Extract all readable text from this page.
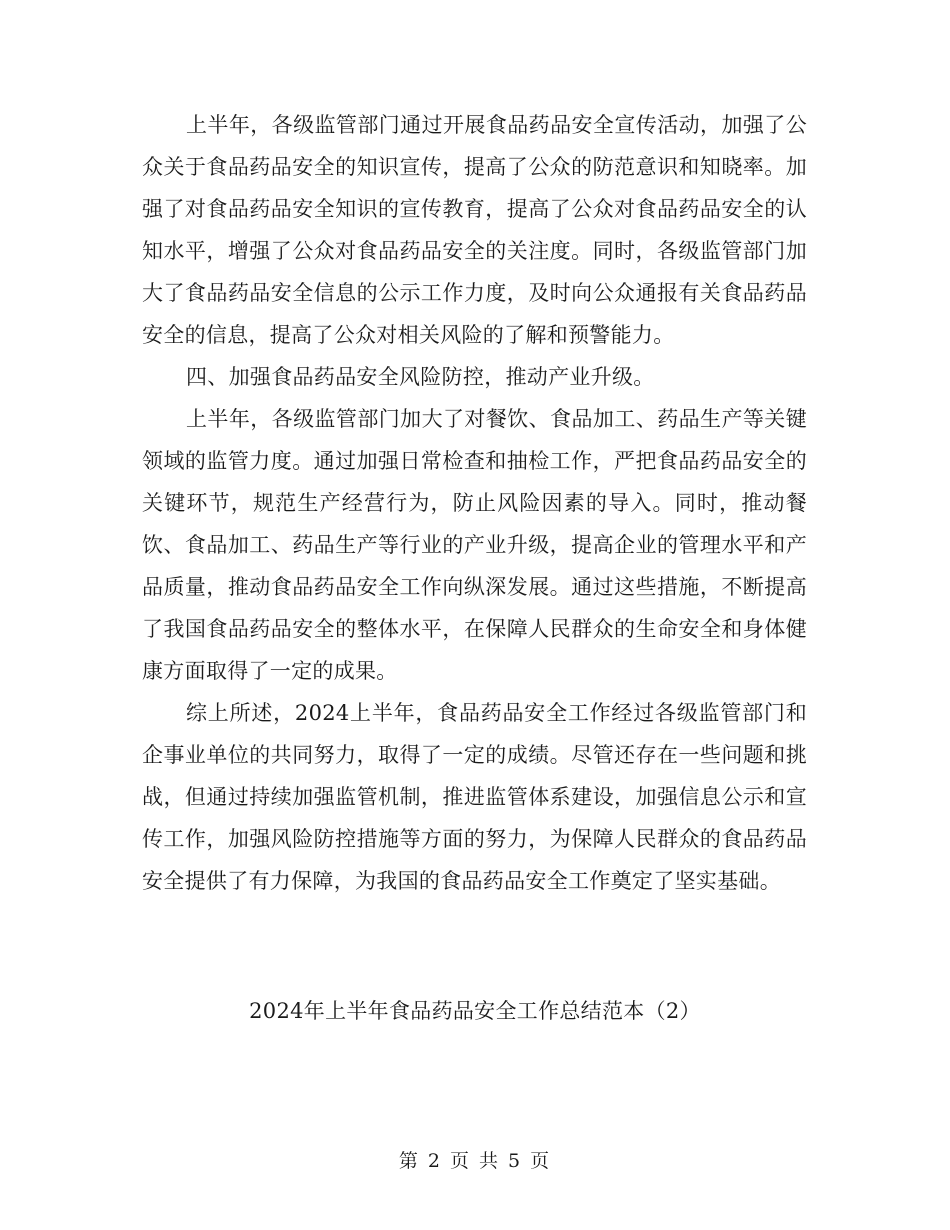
上半年，各级监管部门通过开展食品药品安全宣传活动，加强了公众关于食品药品安全的知识宣传，提高了公众的防范意识和知晓率。加强了对食品药品安全知识的宣传教育，提高了公众对食品药品安全的认知水平，增强了公众对食品药品安全的关注度。同时，各级监管部门加大了食品药品安全信息的公示工作力度，及时向公众通报有关食品药品安全的信息，提高了公众对相关风险的了解和预警能力。

四、加强食品药品安全风险防控，推动产业升级。

上半年，各级监管部门加大了对餐饮、食品加工、药品生产等关键领域的监管力度。通过加强日常检查和抽检工作，严把食品药品安全的关键环节，规范生产经营行为，防止风险因素的导入。同时，推动餐饮、食品加工、药品生产等行业的产业升级，提高企业的管理水平和产品质量，推动食品药品安全工作向纵深发展。通过这些措施，不断提高了我国食品药品安全的整体水平，在保障人民群众的生命安全和身体健康方面取得了一定的成果。

综上所述，2024上半年，食品药品安全工作经过各级监管部门和企事业单位的共同努力，取得了一定的成绩。尽管还存在一些问题和挑战，但通过持续加强监管机制，推进监管体系建设，加强信息公示和宣传工作，加强风险防控措施等方面的努力，为保障人民群众的食品药品安全提供了有力保障，为我国的食品药品安全工作奠定了坚实基础。

2024年上半年食品药品安全工作总结范本（2）

第 2 页 共 5 页
